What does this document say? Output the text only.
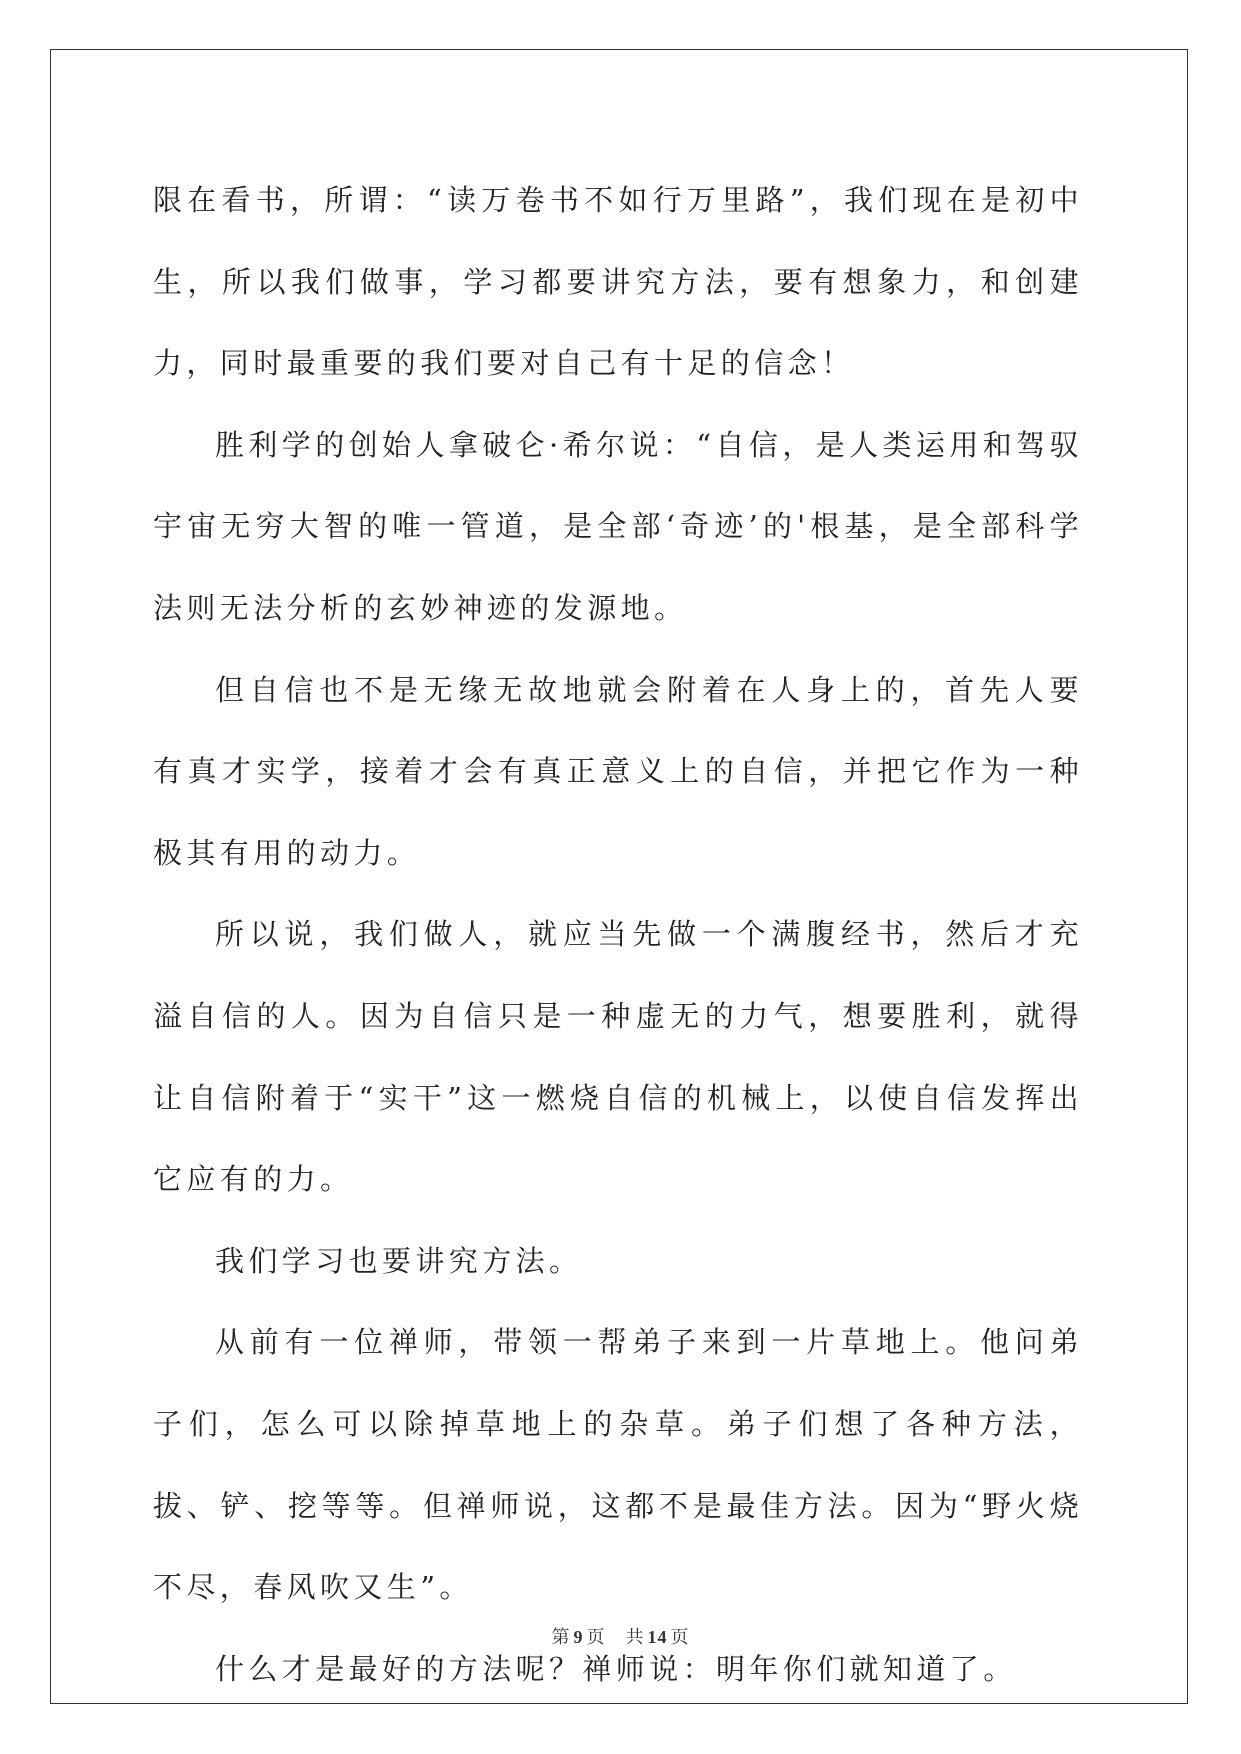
限在看书，所谓：“读万卷书不如行万里路”，我们现在是初中生，所以我们做事，学习都要讲究方法，要有想象力，和创建力，同时最重要的我们要对自己有十足的信念！

胜利学的创始人拿破仑·希尔说：“自信，是人类运用和驾驭宇宙无穷大智的唯一管道，是全部‘奇迹’的'根基，是全部科学法则无法分析的玄妙神迹的发源地。

但自信也不是无缘无故地就会附着在人身上的，首先人要有真才实学，接着才会有真正意义上的自信，并把它作为一种极其有用的动力。

所以说，我们做人，就应当先做一个满腹经书，然后才充溢自信的人。因为自信只是一种虚无的力气，想要胜利，就得让自信附着于“实干”这一燃烧自信的机械上，以使自信发挥出它应有的力。

我们学习也要讲究方法。

从前有一位禅师，带领一帮弟子来到一片草地上。他问弟子们，怎么可以除掉草地上的杂草。弟子们想了各种方法，拔、铲、挖等等。但禅师说，这都不是最佳方法。因为“野火烧不尽，春风吹又生”。

什么才是最好的方法呢？禅师说：明年你们就知道了。

第 9 页 共 14 页
